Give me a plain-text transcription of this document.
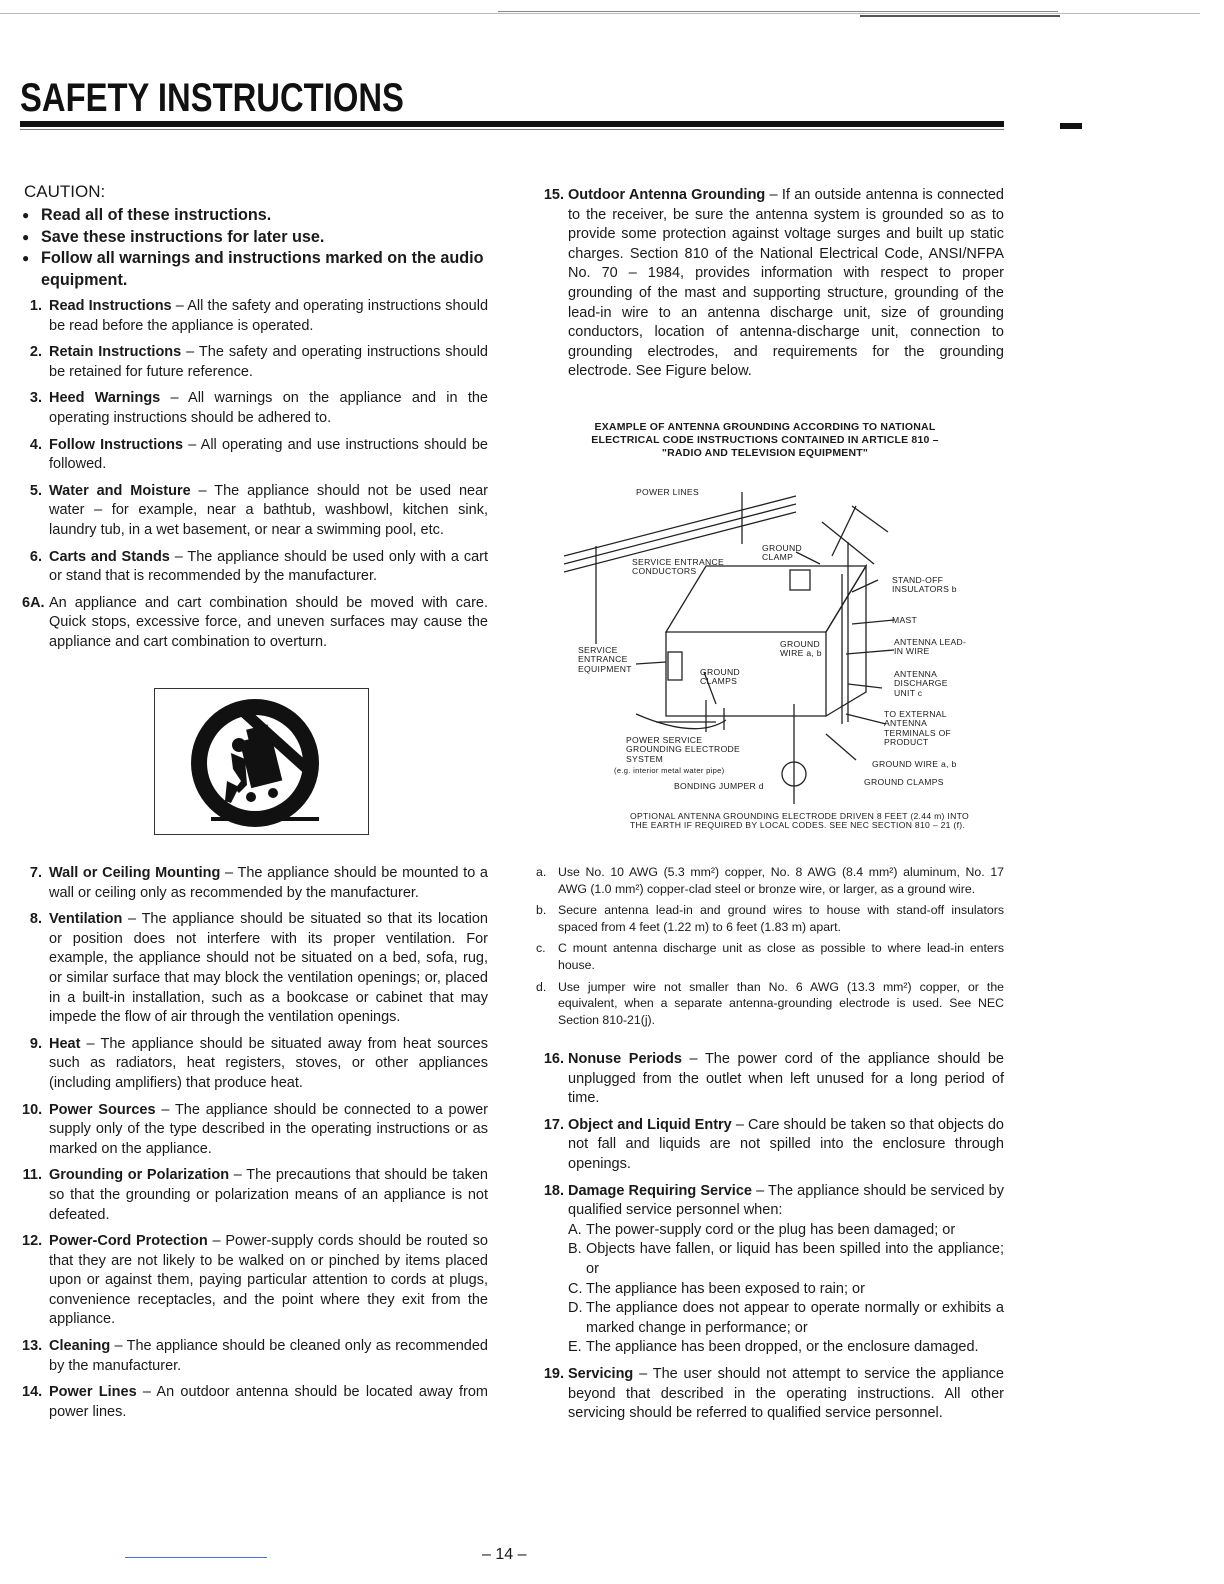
SAFETY INSTRUCTIONS
CAUTION:
● Read all of these instructions.
● Save these instructions for later use.
● Follow all warnings and instructions marked on the audio equipment.
1. Read Instructions – All the safety and operating instructions should be read before the appliance is operated.
2. Retain Instructions – The safety and operating instructions should be retained for future reference.
3. Heed Warnings – All warnings on the appliance and in the operating instructions should be adhered to.
4. Follow Instructions – All operating and use instructions should be followed.
5. Water and Moisture – The appliance should not be used near water – for example, near a bathtub, washbowl, kitchen sink, laundry tub, in a wet basement, or near a swimming pool, etc.
6. Carts and Stands – The appliance should be used only with a cart or stand that is recommended by the manufacturer.
6A. An appliance and cart combination should be moved with care. Quick stops, excessive force, and uneven surfaces may cause the appliance and cart combination to overturn.
7. Wall or Ceiling Mounting – The appliance should be mounted to a wall or ceiling only as recommended by the manufacturer.
8. Ventilation – The appliance should be situated so that its location or position does not interfere with its proper ventilation. For example, the appliance should not be situated on a bed, sofa, rug, or similar surface that may block the ventilation openings; or, placed in a built-in installation, such as a bookcase or cabinet that may impede the flow of air through the ventilation openings.
9. Heat – The appliance should be situated away from heat sources such as radiators, heat registers, stoves, or other appliances (including amplifiers) that produce heat.
10. Power Sources – The appliance should be connected to a power supply only of the type described in the operating instructions or as marked on the appliance.
11. Grounding or Polarization – The precautions that should be taken so that the grounding or polarization means of an appliance is not defeated.
12. Power-Cord Protection – Power-supply cords should be routed so that they are not likely to be walked on or pinched by items placed upon or against them, paying particular attention to cords at plugs, convenience receptacles, and the point where they exit from the appliance.
13. Cleaning – The appliance should be cleaned only as recommended by the manufacturer.
14. Power Lines – An outdoor antenna should be located away from power lines.
15. Outdoor Antenna Grounding – If an outside antenna is connected to the receiver, be sure the antenna system is grounded so as to provide some protection against voltage surges and built up static charges. Section 810 of the National Electrical Code, ANSI/NFPA No. 70 – 1984, provides information with respect to proper grounding of the mast and supporting structure, grounding of the lead-in wire to an antenna discharge unit, size of grounding conductors, location of antenna-discharge unit, connection to grounding electrodes, and requirements for the grounding electrode. See Figure below.
EXAMPLE OF ANTENNA GROUNDING ACCORDING TO NATIONAL ELECTRICAL CODE INSTRUCTIONS CONTAINED IN ARTICLE 810 – "RADIO AND TELEVISION EQUIPMENT"
POWER LINES
SERVICE ENTRANCE CONDUCTORS
GROUND CLAMP
STAND-OFF INSULATORS b
MAST
SERVICE ENTRANCE EQUIPMENT
GROUND WIRE a, b
ANTENNA LEAD-IN WIRE
GROUND CLAMPS
ANTENNA DISCHARGE UNIT c
TO EXTERNAL ANTENNA TERMINALS OF PRODUCT
POWER SERVICE GROUNDING ELECTRODE SYSTEM
(e.g. interior metal water pipe)
GROUND WIRE a, b
GROUND CLAMPS
BONDING JUMPER d
OPTIONAL ANTENNA GROUNDING ELECTRODE DRIVEN 8 FEET (2.44 m) INTO THE EARTH IF REQUIRED BY LOCAL CODES. SEE NEC SECTION 810 – 21 (f).
a. Use No. 10 AWG (5.3 mm²) copper, No. 8 AWG (8.4 mm²) aluminum, No. 17 AWG (1.0 mm²) copper-clad steel or bronze wire, or larger, as a ground wire.
b. Secure antenna lead-in and ground wires to house with stand-off insulators spaced from 4 feet (1.22 m) to 6 feet (1.83 m) apart.
c. C mount antenna discharge unit as close as possible to where lead-in enters house.
d. Use jumper wire not smaller than No. 6 AWG (13.3 mm²) copper, or the equivalent, when a separate antenna-grounding electrode is used. See NEC Section 810-21(j).
16. Nonuse Periods – The power cord of the appliance should be unplugged from the outlet when left unused for a long period of time.
17. Object and Liquid Entry – Care should be taken so that objects do not fall and liquids are not spilled into the enclosure through openings.
18. Damage Requiring Service – The appliance should be serviced by qualified service personnel when:
A. The power-supply cord or the plug has been damaged; or
B. Objects have fallen, or liquid has been spilled into the appliance; or
C. The appliance has been exposed to rain; or
D. The appliance does not appear to operate normally or exhibits a marked change in performance; or
E. The appliance has been dropped, or the enclosure damaged.
19. Servicing – The user should not attempt to service the appliance beyond that described in the operating instructions. All other servicing should be referred to qualified service personnel.
– 14 –
